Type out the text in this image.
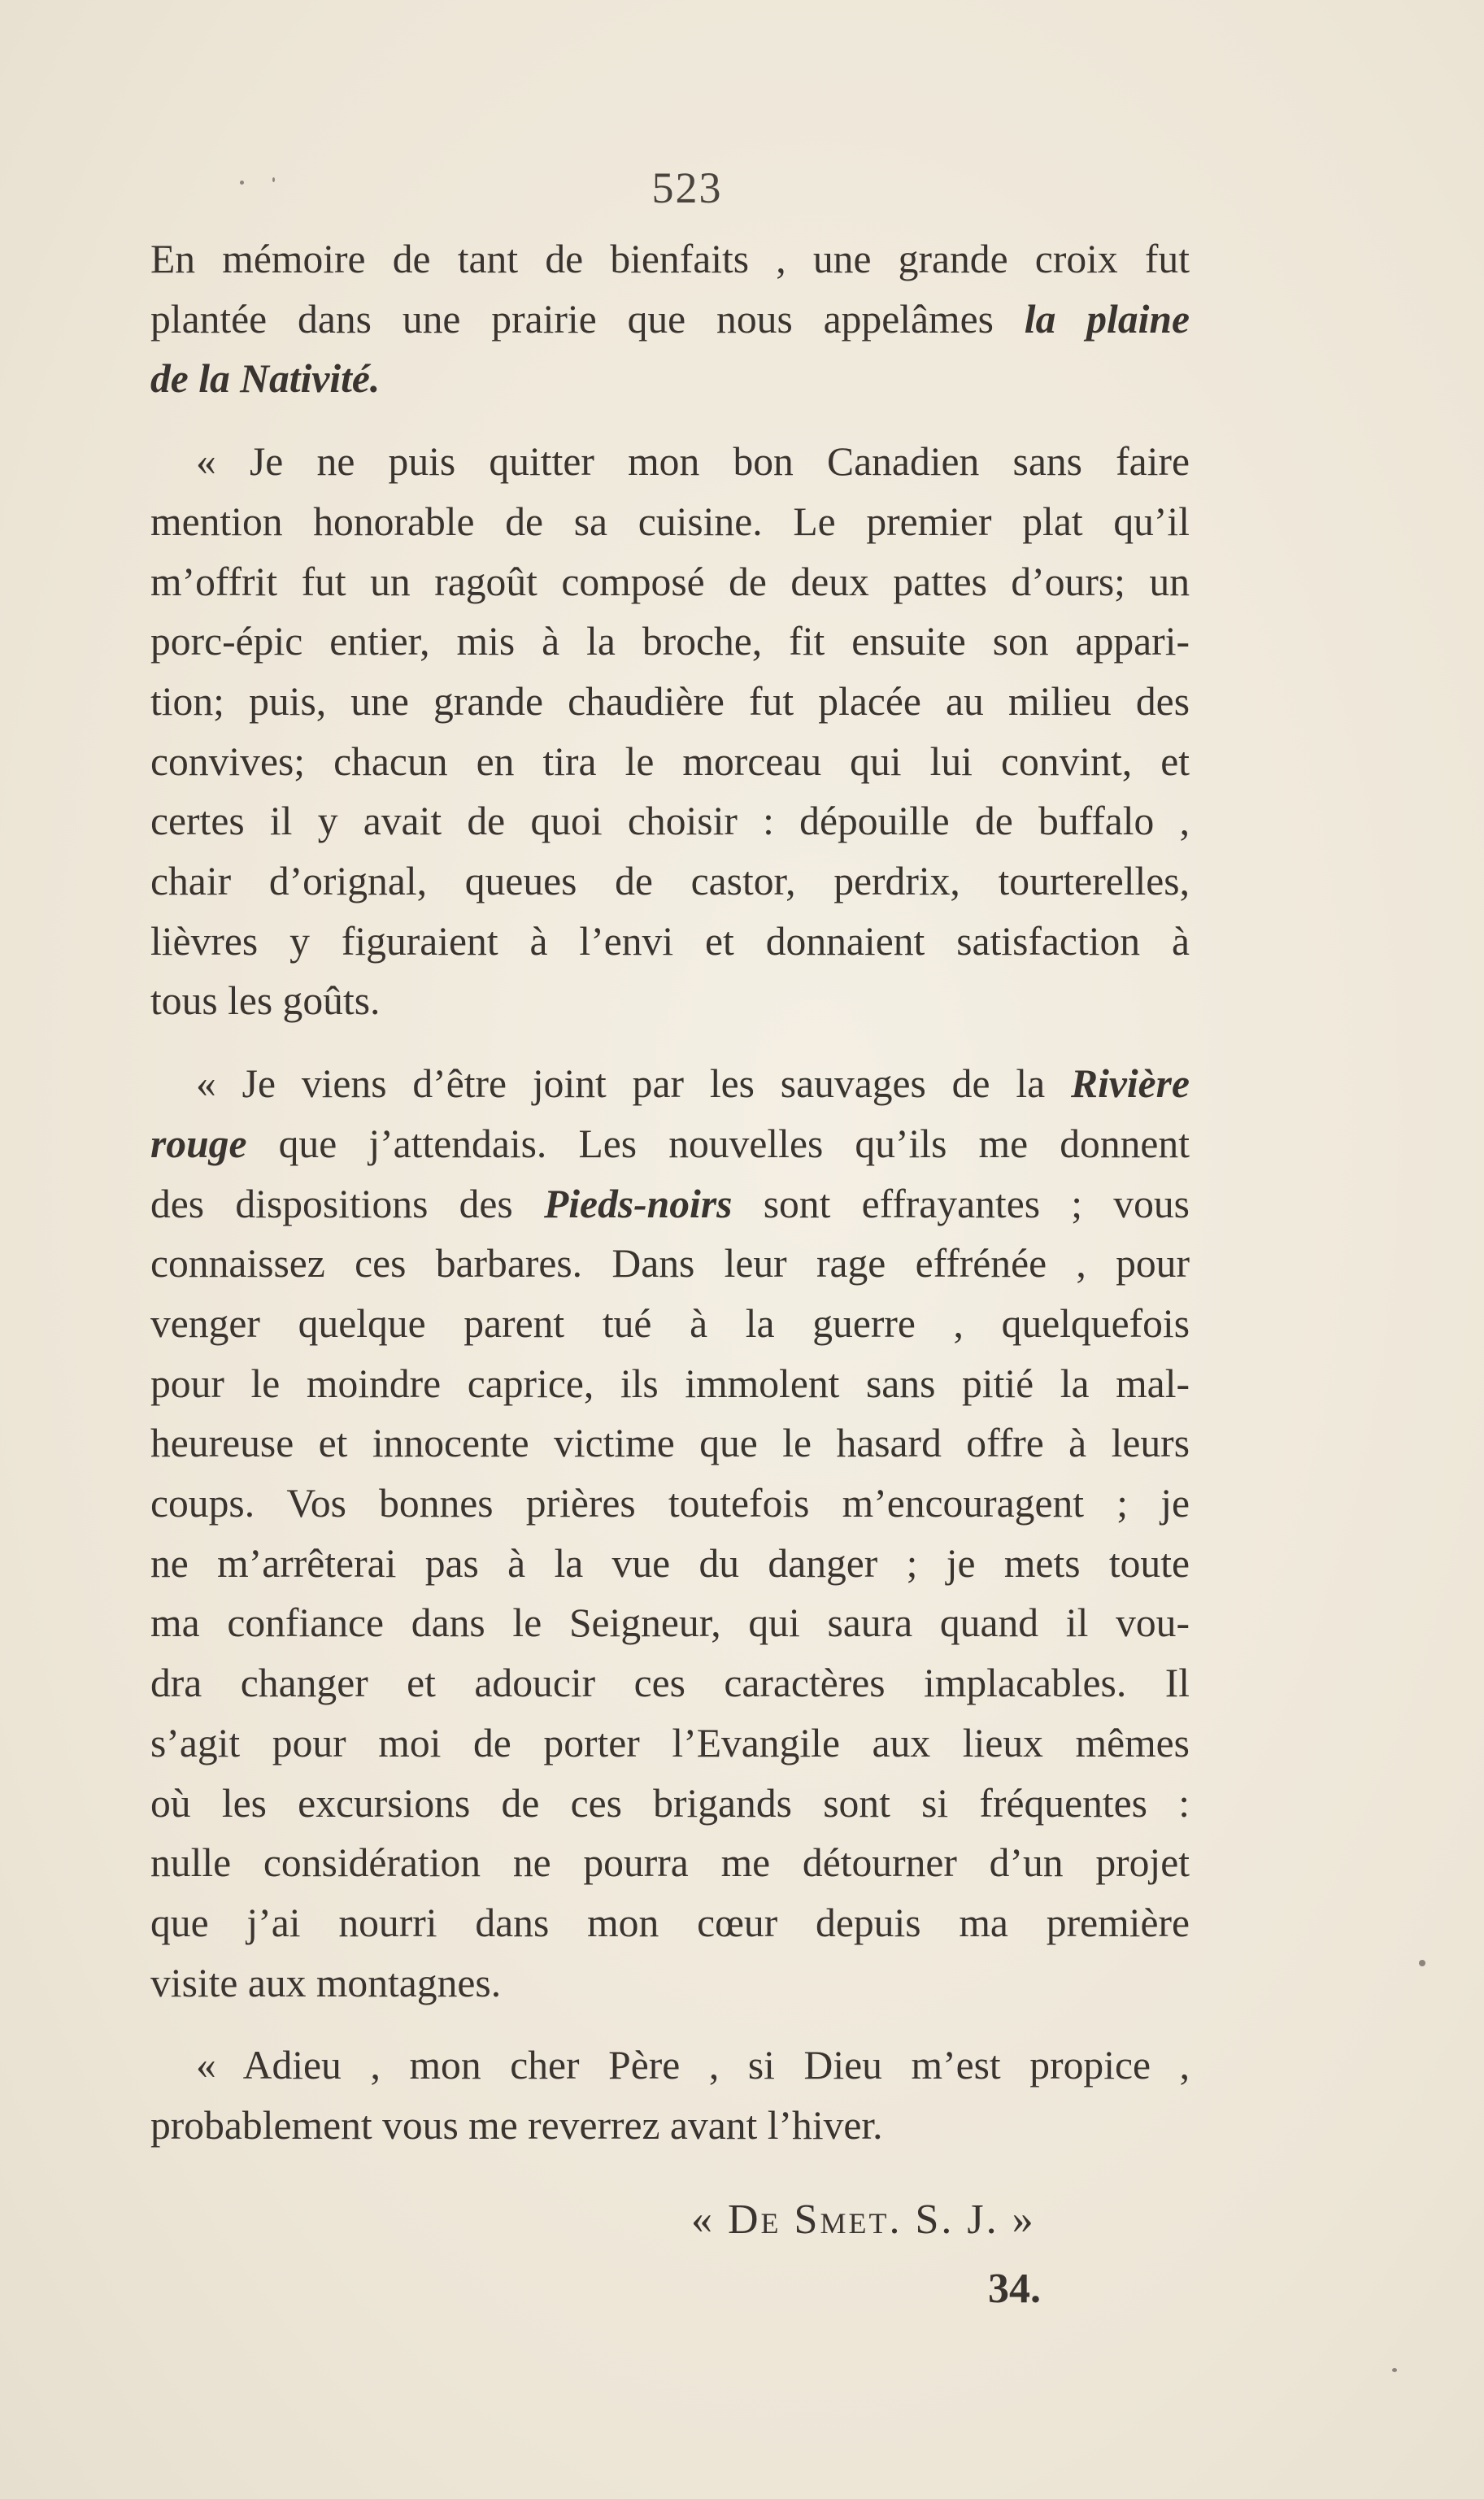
523
En mémoire de tant de bienfaits , une grande croix fut
plantée dans une prairie que nous appelâmes la plaine
de la Nativité.
« Je ne puis quitter mon bon Canadien sans faire
mention honorable de sa cuisine. Le premier plat qu’il
m’offrit fut un ragoût composé de deux pattes d’ours; un
porc-épic entier, mis à la broche, fit ensuite son appari-
tion; puis, une grande chaudière fut placée au milieu des
convives; chacun en tira le morceau qui lui convint, et
certes il y avait de quoi choisir : dépouille de buffalo ,
chair d’orignal, queues de castor, perdrix, tourterelles,
lièvres y figuraient à l’envi et donnaient satisfaction à
tous les goûts.
« Je viens d’être joint par les sauvages de la Rivière
rouge que j’attendais. Les nouvelles qu’ils me donnent
des dispositions des Pieds-noirs sont effrayantes ; vous
connaissez ces barbares. Dans leur rage effrénée , pour
venger quelque parent tué à la guerre , quelquefois
pour le moindre caprice, ils immolent sans pitié la mal-
heureuse et innocente victime que le hasard offre à leurs
coups. Vos bonnes prières toutefois m’encouragent ; je
ne m’arrêterai pas à la vue du danger ; je mets toute
ma confiance dans le Seigneur, qui saura quand il vou-
dra changer et adoucir ces caractères implacables. Il
s’agit pour moi de porter l’Evangile aux lieux mêmes
où les excursions de ces brigands sont si fréquentes :
nulle considération ne pourra me détourner d’un projet
que j’ai nourri dans mon cœur depuis ma première
visite aux montagnes.
« Adieu , mon cher Père , si Dieu m’est propice ,
probablement vous me reverrez avant l’hiver.
« De Smet. S. J. »
34.
